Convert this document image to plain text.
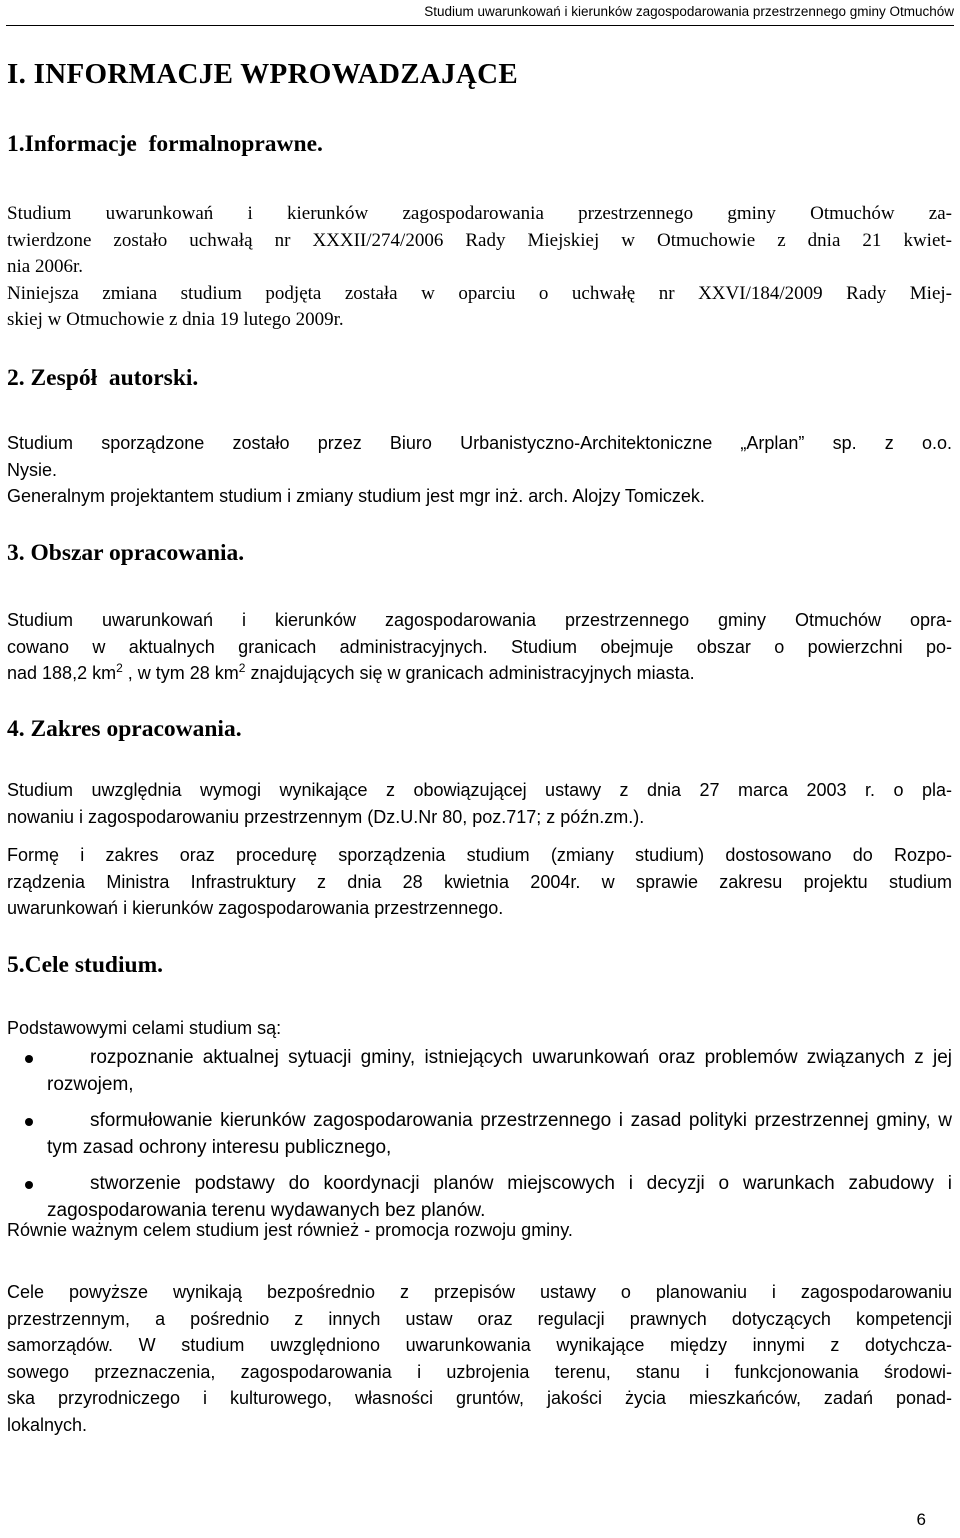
Studium uwarunkowań i kierunków zagospodarowania przestrzennego gminy Otmuchów
I. INFORMACJE WPROWADZAJĄCE
1.Informacje  formalnoprawne.
Studium uwarunkowań i kierunków zagospodarowania przestrzennego gminy Otmuchów za-
twierdzone zostało uchwałą nr XXXII/274/2006 Rady Miejskiej w Otmuchowie z dnia 21 kwiet-
nia 2006r.
Niniejsza zmiana studium podjęta została w oparciu o uchwałę nr XXVI/184/2009 Rady Miej-
skiej w Otmuchowie z dnia 19 lutego 2009r.
2. Zespół  autorski.
Studium sporządzone zostało przez Biuro Urbanistyczno-Architektoniczne „Arplan” sp. z o.o.
Nysie.
Generalnym projektantem studium i zmiany studium jest mgr inż. arch. Alojzy Tomiczek.
3. Obszar opracowania.
Studium uwarunkowań i kierunków zagospodarowania przestrzennego gminy Otmuchów opra-
cowano w aktualnych granicach administracyjnych. Studium obejmuje obszar o powierzchni po-
nad 188,2 $km^2$ , w tym 28 $km^2$ znajdujących się w granicach administracyjnych miasta.
4. Zakres opracowania.
Studium uwzględnia wymogi wynikające z obowiązującej ustawy z dnia 27 marca 2003 r. o pla-
nowaniu i zagospodarowaniu przestrzennym (Dz.U.Nr 80, poz.717; z późn.zm.).
Formę i zakres oraz procedurę sporządzenia studium (zmiany studium) dostosowano do Rozpo-
rządzenia Ministra Infrastruktury z dnia 28 kwietnia 2004r. w sprawie zakresu projektu studium
uwarunkowań i kierunków zagospodarowania przestrzennego.
5.Cele studium.
Podstawowymi celami studium są:
rozpoznanie aktualnej sytuacji gminy, istniejących uwarunkowań oraz problemów związanych z jej rozwojem,
sformułowanie kierunków zagospodarowania przestrzennego i zasad polityki przestrzennej gminy, w tym zasad ochrony interesu publicznego,
stworzenie podstawy do koordynacji planów miejscowych i decyzji o warunkach zabudowy i zagospodarowania terenu wydawanych bez planów.
Równie ważnym celem studium jest również - promocja rozwoju gminy.
Cele powyższe wynikają bezpośrednio z przepisów ustawy o planowaniu i zagospodarowaniu
przestrzennym, a pośrednio z innych ustaw oraz regulacji prawnych dotyczących kompetencji
samorządów. W studium uwzględniono uwarunkowania wynikające między innymi z dotychcza-
sowego przeznaczenia, zagospodarowania i uzbrojenia terenu, stanu i funkcjonowania środowi-
ska przyrodniczego i kulturowego, własności gruntów, jakości życia mieszkańców, zadań ponad-
lokalnych.
6
